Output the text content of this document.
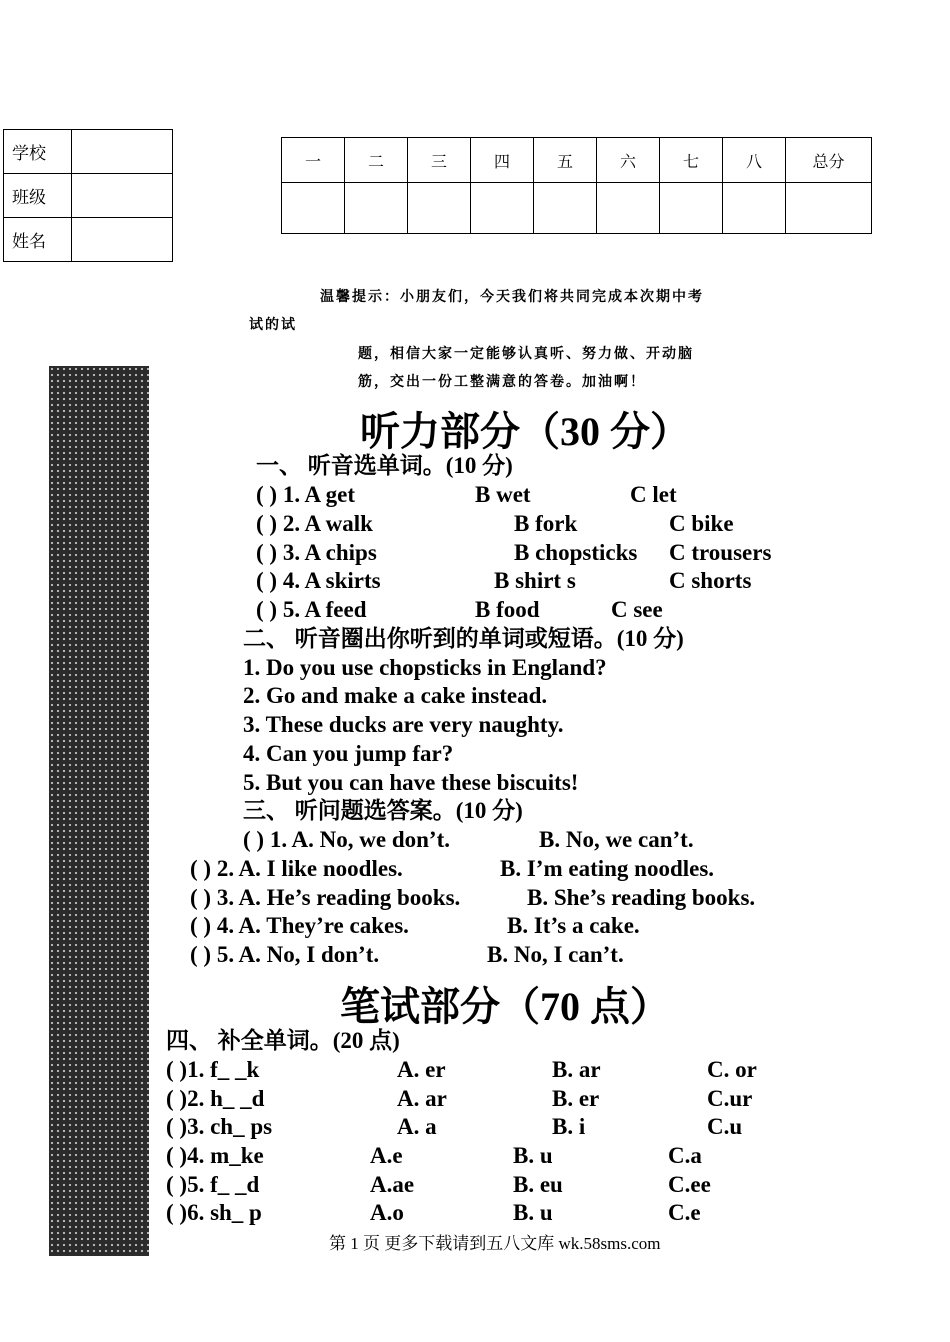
学校	
班级	
姓名	
一	二	三	四	五	六	七	八	总分

温馨提示：小朋友们，今天我们将共同完成本次期中考
试的试
题，相信大家一定能够认真听、努力做、开动脑
筋，交出一份工整满意的答卷。加油啊！
听力部分（30 分）
一、 听音选单词。(10 分)
( ) 1. A get	B wet	C let
( ) 2. A walk	B fork	C bike
( ) 3. A chips	B chopsticks C trousers
( ) 4. A skirts	B shirt s	C shorts
( ) 5. A feed	B food	C see
二、 听音圈出你听到的单词或短语。(10 分)
1. Do you use chopsticks in England?
2. Go and make a cake instead.
3. These ducks are very naughty.
4. Can you jump far?
5. But you can have these biscuits!
三、 听问题选答案。(10 分)
( ) 1. A. No, we don’t.	B. No, we can’t.
( ) 2. A. I like noodles.	B. I’m eating noodles.
( ) 3. A. He’s reading books.	B. She’s reading books.
( ) 4. A. They’re cakes.	B. It’s a cake.
( ) 5. A. No, I don’t.	B. No, I can’t.
笔试部分（70 点）
四、 补全单词。(20 点)
( )1. f_ _k	A. er	B. ar	C. or
( )2. h_ _d	A. ar	B. er	C.ur
( )3. ch_ ps	A. a	B. i	C.u
( )4. m_ke	A.e	B. u	C.a
( )5. f_ _d	A.ae	B. eu	C.ee
( )6. sh_ p	A.o	B. u	C.e
第 1 页 更多下载请到五八文库 wk.58sms.com
